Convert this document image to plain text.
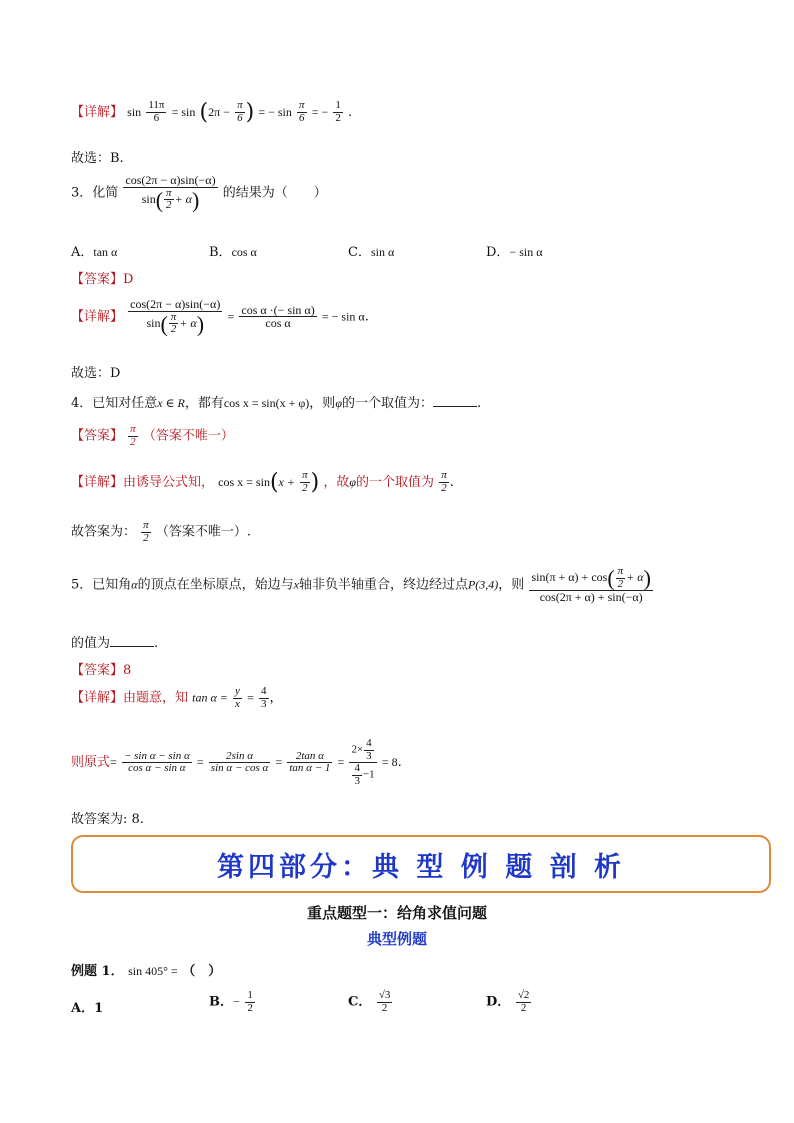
【详解】 $\sin \frac{11\pi}{6} = \sin (2\pi - \frac{\pi}{6}$ ) = − $\sin \frac{\pi}{6}$ = − $\frac{1}{2}$ .
故选：B.
3．化简 $\frac{\cos(2\pi - \alpha)\sin(-\alpha)}{\sin( \frac{\pi}{2} + \alpha)}$ 的结果为（　　）
A．tan α	B．cos α	C．sin α	D．− sin α
【答案】D
【详解】 $\frac{\cos(2\pi - \alpha)\sin(-\alpha)}{\sin( \frac{\pi}{2} + \alpha)} = \frac{\text{cos α ·(− sin α)}}{\text{cos α}}$ = − sin α.
故选：D
4．已知对任意x ∈ R，都有cos x = sin(x + φ)，则φ的一个取值为：	.
【答案】 $\frac{\pi}{2}$ （答案不唯一）
【详解】由诱导公式知， $\cos x = \sin(x + \frac{\pi}{2}$ ) ，故φ的一个取值为 $\frac{\pi}{2}$ .
故答案为： $\frac{\pi}{2}$ （答案不唯一）.
5．已知角α的顶点在坐标原点，始边与x轴非负半轴重合，终边经过点P(3,4)，则 $\frac{\sin(\pi + \alpha) + \cos( \frac{\pi}{2} + \alpha)}{\cos(2\pi + \alpha) + \sin(-\alpha)}$
的值为	.
【答案】8
【详解】由题意，知 $\tan \alpha = \frac{y}{x} = \frac{4}{3}$ ，
则原式= $\frac{\text{− sin α − sin α}}{\text{cos α − sin α}} = \frac{\text{2sin α}}{\text{sin α − cos α}} = \frac{\text{2tan α}}{\text{tan α − 1}} = \frac{2\times \frac{4}{3}}{\frac{4}{3} -1} = 8$.
故答案为: 8.
第四部分：典 型 例 题 剖 析
重点题型一：给角求值问题
典型例题
例题 1． sin 405° = （　）
A．1	B．− $\frac{1}{2}$	C． $\frac{√3}{2}$	D． $\frac{√2}{2}$
